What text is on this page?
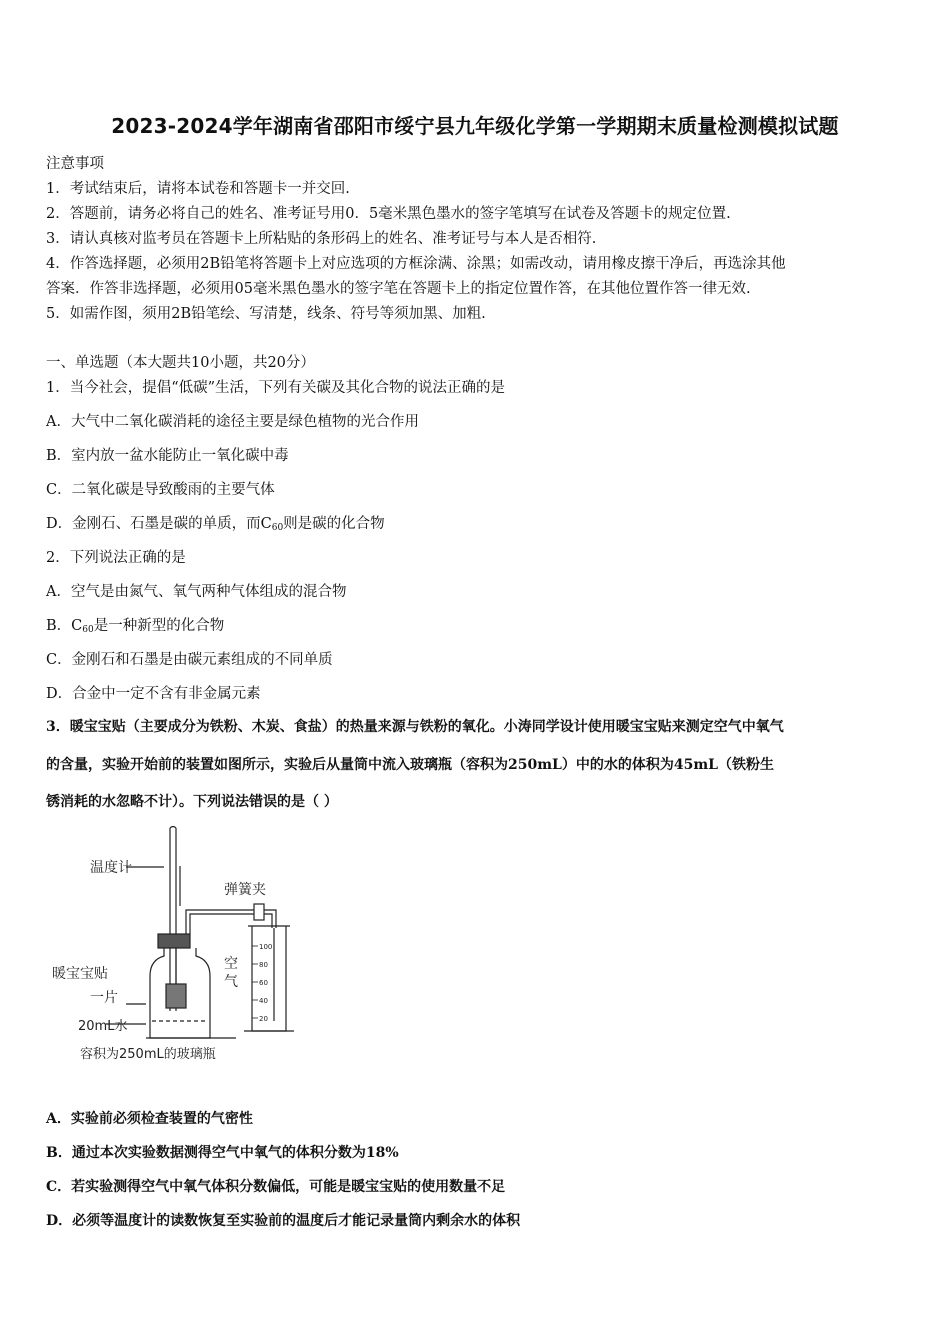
2023-2024学年湖南省邵阳市绥宁县九年级化学第一学期期末质量检测模拟试题
注意事项
1．考试结束后，请将本试卷和答题卡一并交回.
2．答题前，请务必将自己的姓名、准考证号用0．5毫米黑色墨水的签字笔填写在试卷及答题卡的规定位置.
3．请认真核对监考员在答题卡上所粘贴的条形码上的姓名、准考证号与本人是否相符.
4．作答选择题，必须用2B铅笔将答题卡上对应选项的方框涂满、涂黑；如需改动，请用橡皮擦干净后，再选涂其他
答案．作答非选择题，必须用05毫米黑色墨水的签字笔在答题卡上的指定位置作答，在其他位置作答一律无效.
5．如需作图，须用2B铅笔绘、写清楚，线条、符号等须加黑、加粗.
一、单选题（本大题共10小题，共20分）
1．当今社会，提倡“低碳”生活，下列有关碳及其化合物的说法正确的是
A．大气中二氧化碳消耗的途径主要是绿色植物的光合作用
B．室内放一盆水能防止一氧化碳中毒
C．二氧化碳是导致酸雨的主要气体
D．金刚石、石墨是碳的单质，而$C_{60}$则是碳的化合物
2．下列说法正确的是
A．空气是由氮气、氧气两种气体组成的混合物
B．$C_{60}$是一种新型的化合物
C．金刚石和石墨是由碳元素组成的不同单质
D．合金中一定不含有非金属元素
3．暖宝宝贴（主要成分为铁粉、木炭、食盐）的热量来源与铁粉的氧化。小涛同学设计使用暖宝宝贴来测定空气中氧气
的含量，实验开始前的装置如图所示，实验后从量筒中流入玻璃瓶（容积为250mL）中的水的体积为45mL（铁粉生
锈消耗的水忽略不计）。下列说法错误的是（ ）
100
80
60
40
20
温度计
弹簧夹
空
气
暖宝宝贴
一片
20mL水
容积为250mL的玻璃瓶
A．实验前必须检查装置的气密性
B．通过本次实验数据测得空气中氧气的体积分数为18%
C．若实验测得空气中氧气体积分数偏低，可能是暖宝宝贴的使用数量不足
D．必须等温度计的读数恢复至实验前的温度后才能记录量筒内剩余水的体积
